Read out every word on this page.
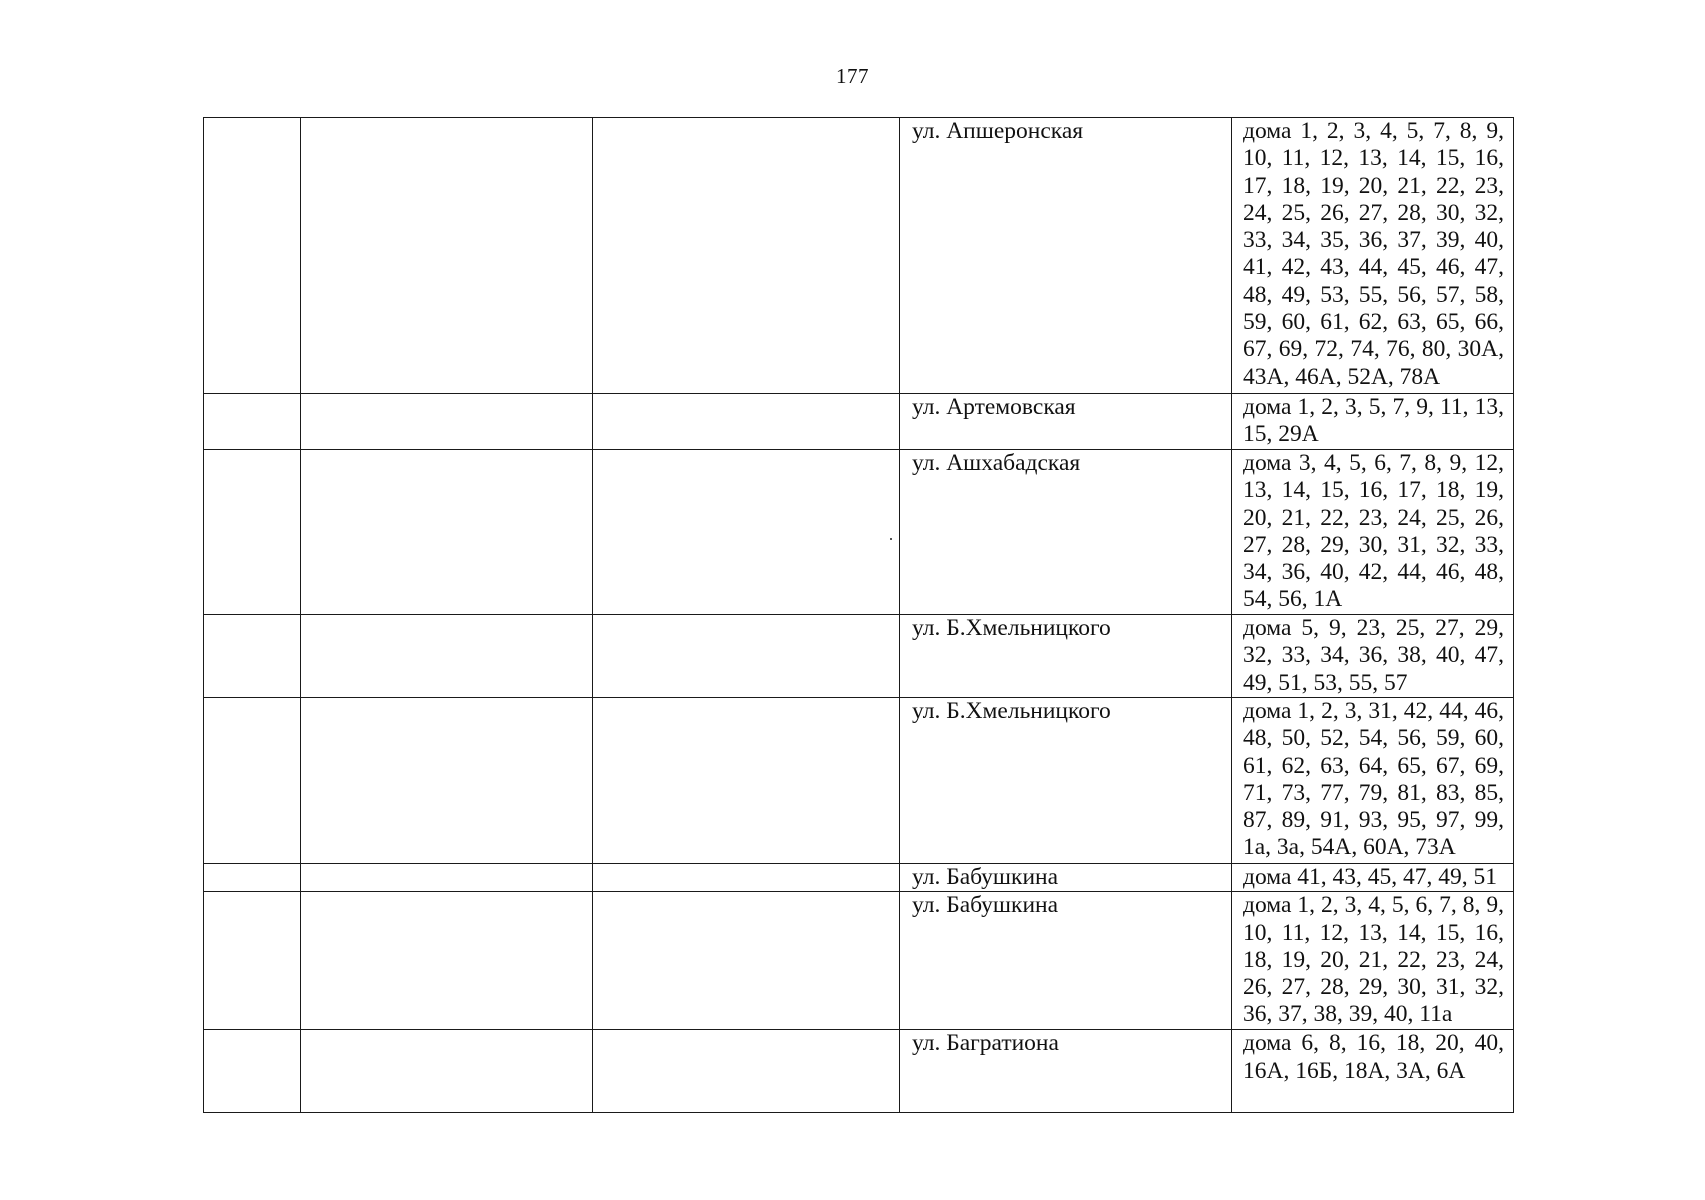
177
			ул. Апшеронская	дома 1, 2, 3, 4, 5, 7, 8, 9, 10, 11, 12, 13, 14, 15, 16, 17, 18, 19, 20, 21, 22, 23, 24, 25, 26, 27, 28, 30, 32, 33, 34, 35, 36, 37, 39, 40, 41, 42, 43, 44, 45, 46, 47, 48, 49, 53, 55, 56, 57, 58, 59, 60, 61, 62, 63, 65, 66, 67, 69, 72, 74, 76, 80, 30А, 43А, 46А, 52А, 78А
			ул. Артемовская	дома 1, 2, 3, 5, 7, 9, 11, 13, 15, 29А
			ул. Ашхабадская	дома 3, 4, 5, 6, 7, 8, 9, 12, 13, 14, 15, 16, 17, 18, 19, 20, 21, 22, 23, 24, 25, 26, 27, 28, 29, 30, 31, 32, 33, 34, 36, 40, 42, 44, 46, 48, 54, 56, 1А
			ул. Б.Хмельницкого	дома 5, 9, 23, 25, 27, 29, 32, 33, 34, 36, 38, 40, 47, 49, 51, 53, 55, 57
			ул. Б.Хмельницкого	дома 1, 2, 3, 31, 42, 44, 46, 48, 50, 52, 54, 56, 59, 60, 61, 62, 63, 64, 65, 67, 69, 71, 73, 77, 79, 81, 83, 85, 87, 89, 91, 93, 95, 97, 99, 1а, 3а, 54А, 60А, 73А
			ул. Бабушкина	дома 41, 43, 45, 47, 49, 51
			ул. Бабушкина	дома 1, 2, 3, 4, 5, 6, 7, 8, 9, 10, 11, 12, 13, 14, 15, 16, 18, 19, 20, 21, 22, 23, 24, 26, 27, 28, 29, 30, 31, 32, 36, 37, 38, 39, 40, 11а
			ул. Багратиона	дома 6, 8, 16, 18, 20, 40, 16А, 16Б, 18А, 3А, 6А
